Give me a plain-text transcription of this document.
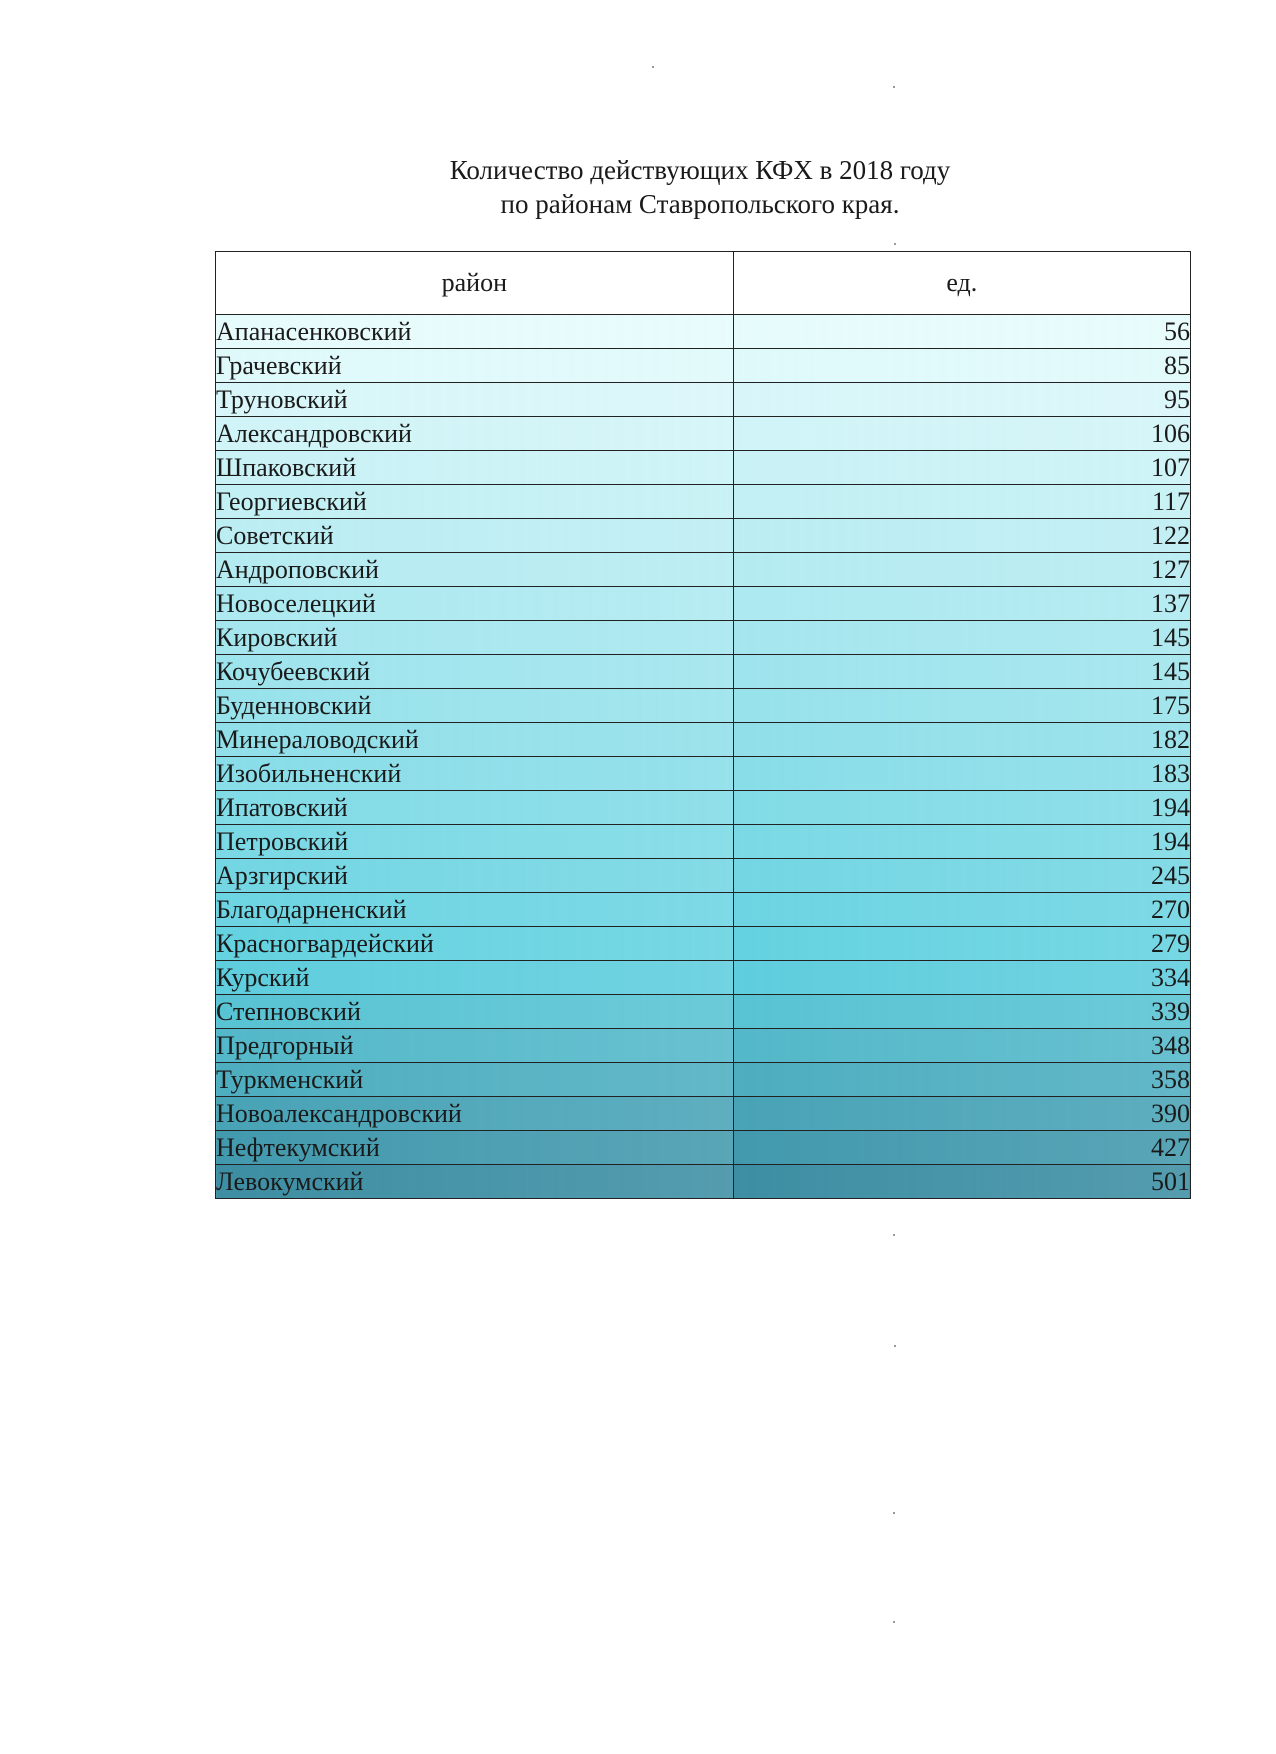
Количество действующих КФХ в 2018 году
по районам Ставропольского края.
район	ед.
Апанасенковский	56
Грачевский	85
Труновский	95
Александровский	106
Шпаковский	107
Георгиевский	117
Советский	122
Андроповский	127
Новоселецкий	137
Кировский	145
Кочубеевский	145
Буденновский	175
Минераловодский	182
Изобильненский	183
Ипатовский	194
Петровский	194
Арзгирский	245
Благодарненский	270
Красногвардейский	279
Курский	334
Степновский	339
Предгорный	348
Туркменский	358
Новоалександровский	390
Нефтекумский	427
Левокумский	501
